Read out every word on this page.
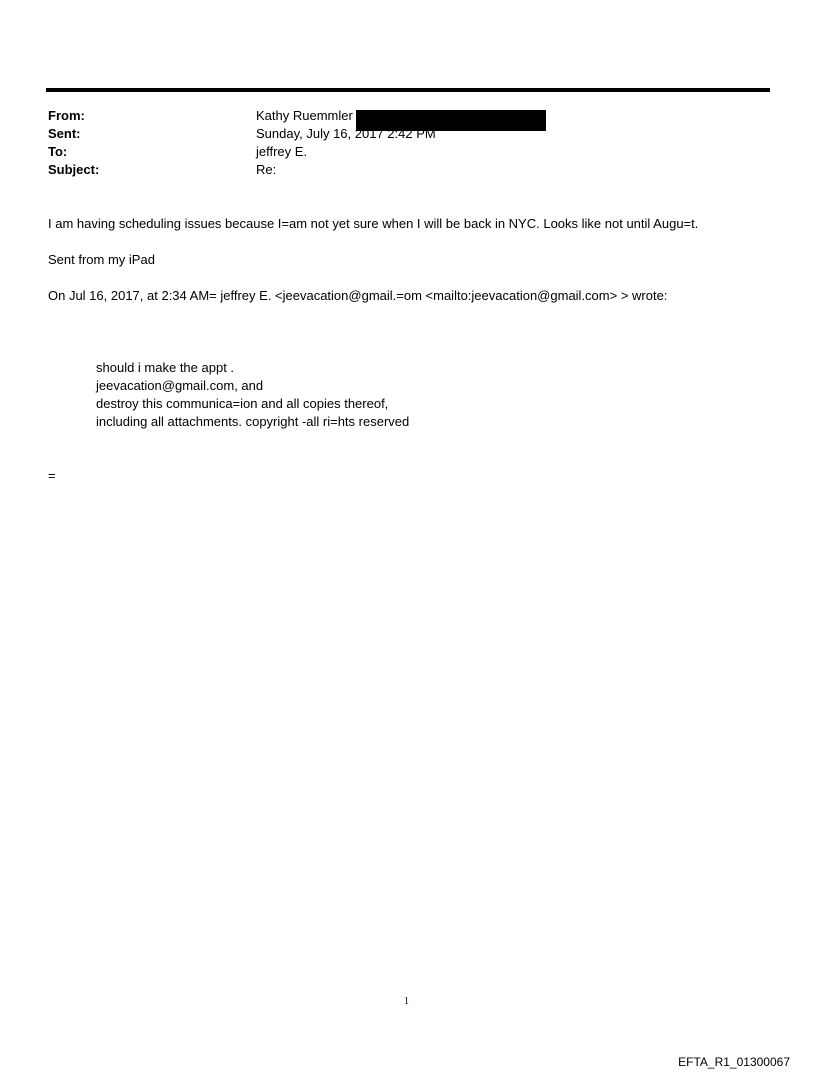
From:	Kathy Ruemmler
Sent:	Sunday, July 16, 2017 2:42 PM
To:	jeffrey E.
Subject:	Re:
I am having scheduling issues because I=am not yet sure when I will be back in NYC. Looks like not until Augu=t.
Sent from my iPad
On Jul 16, 2017, at 2:34 AM= jeffrey E. <jeevacation@gmail.=om <mailto:jeevacation@gmail.com> > wrote:
should i make the appt .
jeevacation@gmail.com, and
destroy this communica=ion and all copies thereof,
including all attachments. copyright -all ri=hts reserved
=
1
EFTA_R1_01300067
